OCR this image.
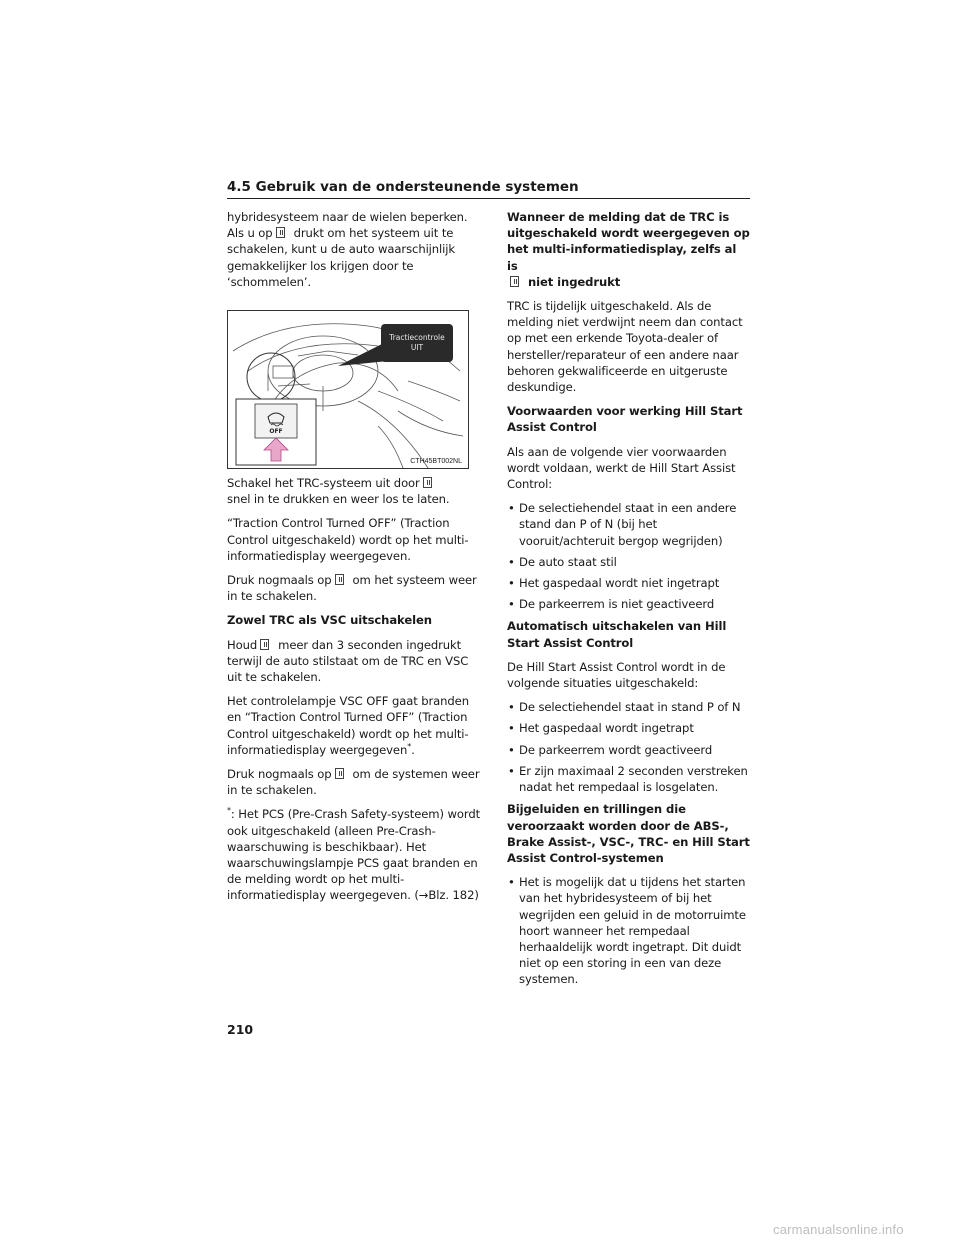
4.5 Gebruik van de ondersteunende systemen

hybridesysteem naar de wielen beperken. Als u op drukt om het systeem uit te schakelen, kunt u de auto waarschijnlijk gemakkelijker los krijgen door te ‘schommelen’.

OFF
Tractiecontrole
UIT
CTH45BT002NL

Schakel het TRC-systeem uit door
snel in te drukken en weer los te laten.

“Traction Control Turned OFF” (Traction Control uitgeschakeld) wordt op het multi-informatiedisplay weergegeven.

Druk nogmaals op om het systeem weer in te schakelen.

Zowel TRC als VSC uitschakelen

Houd meer dan 3 seconden ingedrukt terwijl de auto stilstaat om de TRC en VSC uit te schakelen.

Het controlelampje VSC OFF gaat branden en “Traction Control Turned OFF” (Traction Control uitgeschakeld) wordt op het multi-informatiedisplay weergegeven*.

Druk nogmaals op om de systemen weer in te schakelen.

*: Het PCS (Pre-Crash Safety-systeem) wordt ook uitgeschakeld (alleen Pre-Crash-waarschuwing is beschikbaar). Het waarschuwingslampje PCS gaat branden en de melding wordt op het multi-informatiedisplay weergegeven. (→Blz. 182)

Wanneer de melding dat de TRC is uitgeschakeld wordt weergegeven op het multi-informatiedisplay, zelfs al is
niet ingedrukt

TRC is tijdelijk uitgeschakeld. Als de melding niet verdwijnt neem dan contact op met een erkende Toyota-dealer of hersteller/reparateur of een andere naar behoren gekwalificeerde en uitgeruste deskundige.

Voorwaarden voor werking Hill Start Assist Control

Als aan de volgende vier voorwaarden wordt voldaan, werkt de Hill Start Assist Control:

• De selectiehendel staat in een andere stand dan P of N (bij het vooruit/achteruit bergop wegrijden)
• De auto staat stil
• Het gaspedaal wordt niet ingetrapt
• De parkeerrem is niet geactiveerd
Automatisch uitschakelen van Hill Start Assist Control

De Hill Start Assist Control wordt in de volgende situaties uitgeschakeld:

• De selectiehendel staat in stand P of N
• Het gaspedaal wordt ingetrapt
• De parkeerrem wordt geactiveerd
• Er zijn maximaal 2 seconden verstreken nadat het rempedaal is losgelaten.
Bijgeluiden en trillingen die veroorzaakt worden door de ABS-, Brake Assist-, VSC-, TRC- en Hill Start Assist Control-systemen
• Het is mogelijk dat u tijdens het starten van het hybridesysteem of bij het wegrijden een geluid in de motorruimte hoort wanneer het rempedaal herhaaldelijk wordt ingetrapt. Dit duidt niet op een storing in een van deze systemen.
210
carmanualsonline.info
